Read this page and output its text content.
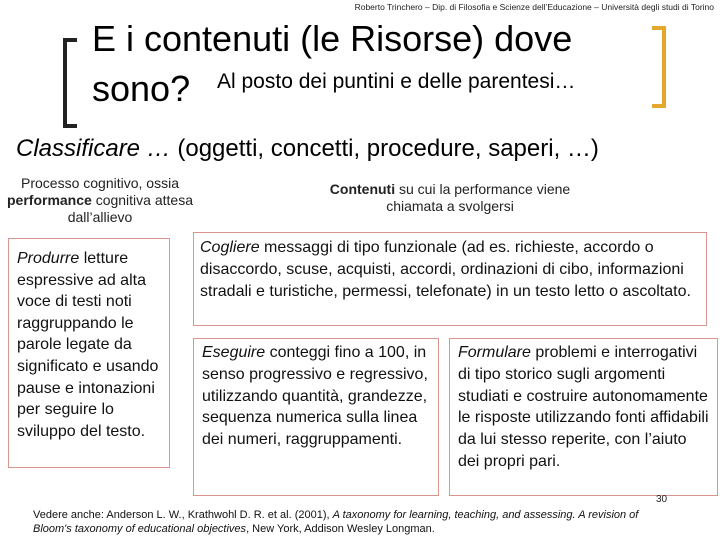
Roberto Trinchero – Dip. di Filosofia e Scienze dell’Educazione – Università degli studi di Torino
E i contenuti (le Risorse) dove
sono? Al posto dei puntini e delle parentesi…
Classificare … (oggetti, concetti, procedure, saperi, …)
Processo cognitivo, ossia performance cognitiva attesa dall’allievo
Contenuti su cui la performance viene chiamata a svolgersi
Produrre letture espressive ad alta voce di testi noti raggruppando le parole legate da significato e usando pause e intonazioni per seguire lo sviluppo del testo.
Cogliere messaggi di tipo funzionale (ad es. richieste, accordo o disaccordo, scuse, acquisti, accordi, ordinazioni di cibo, informazioni stradali e turistiche, permessi, telefonate) in un testo letto o ascoltato.
Eseguire conteggi fino a 100, in senso progressivo e regressivo, utilizzando quantità, grandezze, sequenza numerica sulla linea dei numeri, raggruppamenti.
Formulare problemi e interrogativi di tipo storico sugli argomenti studiati e costruire autonomamente le risposte utilizzando fonti affidabili da lui stesso reperite, con l’aiuto dei propri pari.
30
Vedere anche: Anderson L. W., Krathwohl D. R. et al. (2001), A taxonomy for learning, teaching, and assessing. A revision of Bloom's taxonomy of educational objectives, New York, Addison Wesley Longman.
